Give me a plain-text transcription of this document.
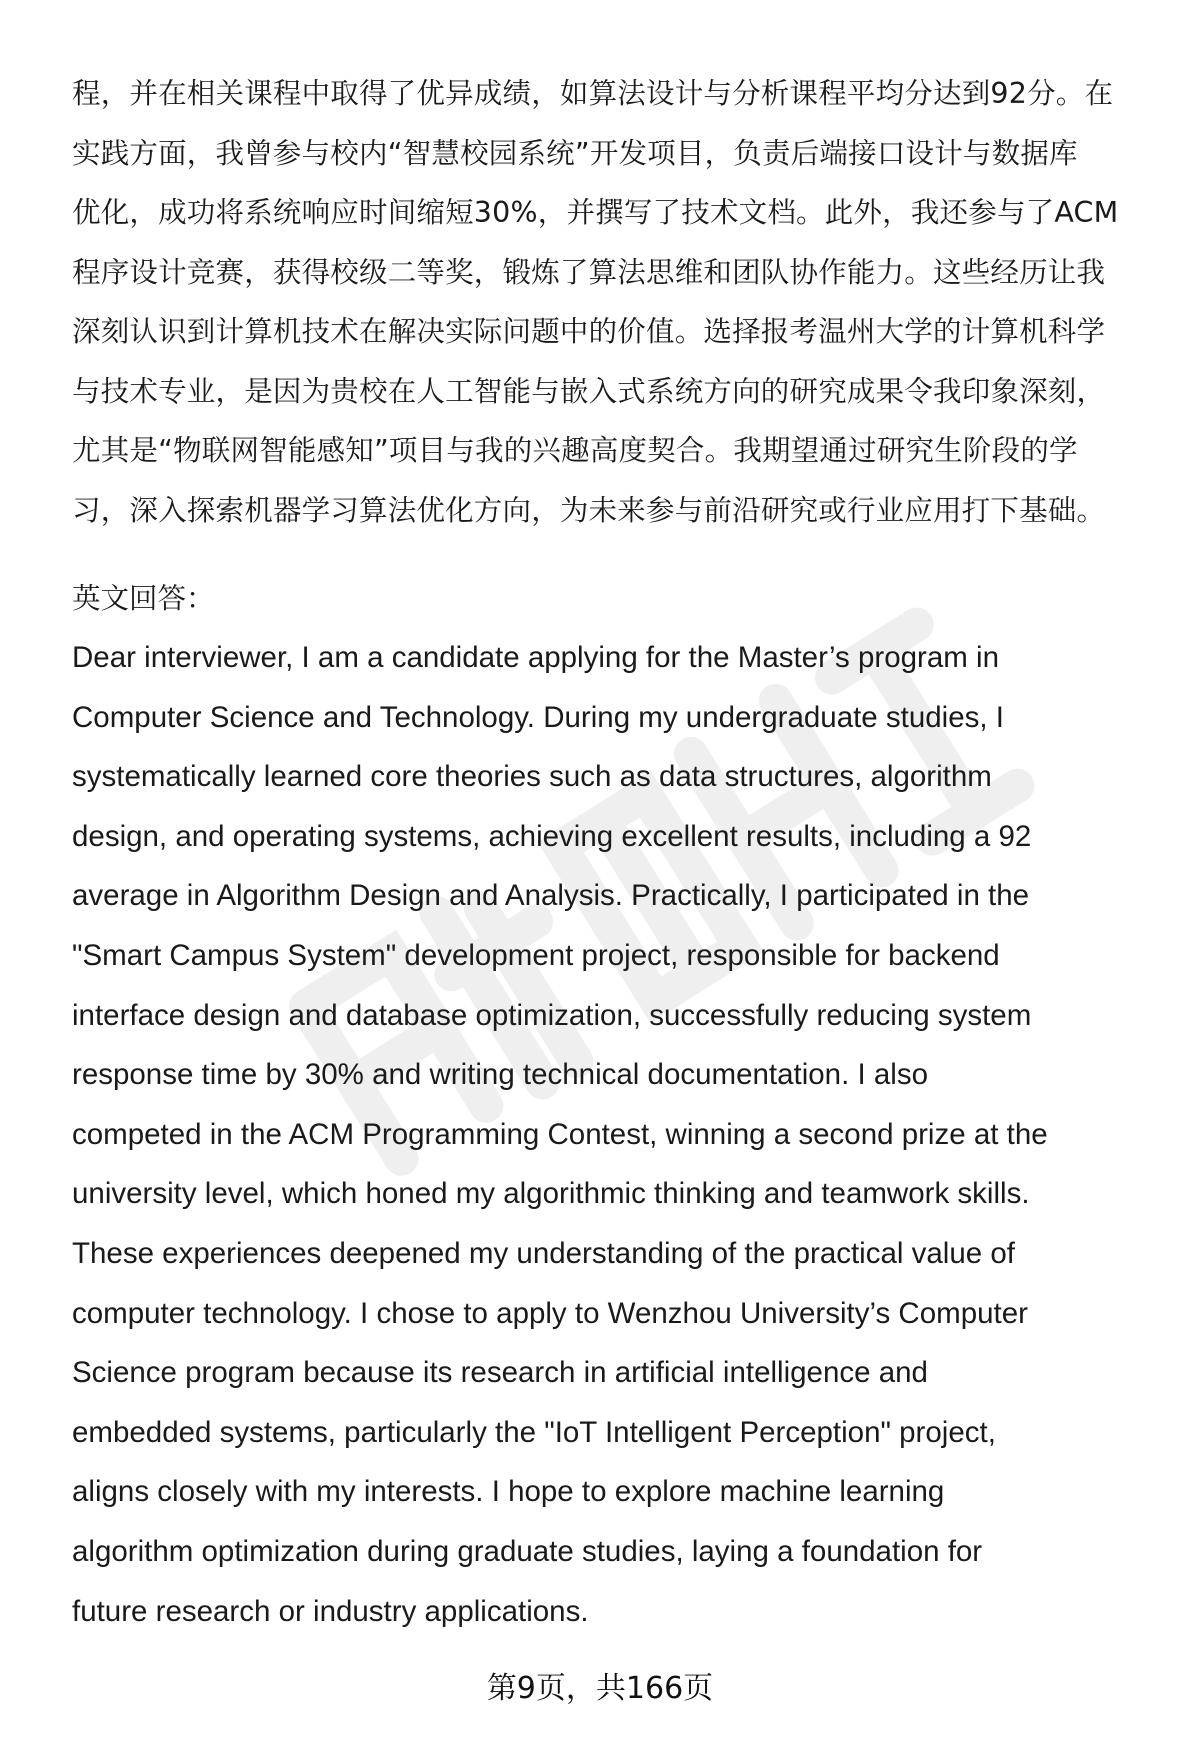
程，并在相关课程中取得了优异成绩，如算法设计与分析课程平均分达到92分。在
实践方面，我曾参与校内“智慧校园系统”开发项目，负责后端接口设计与数据库
优化，成功将系统响应时间缩短30%，并撰写了技术文档。此外，我还参与了ACM
程序设计竞赛，获得校级二等奖，锻炼了算法思维和团队协作能力。这些经历让我
深刻认识到计算机技术在解决实际问题中的价值。选择报考温州大学的计算机科学
与技术专业，是因为贵校在人工智能与嵌入式系统方向的研究成果令我印象深刻，
尤其是“物联网智能感知”项目与我的兴趣高度契合。我期望通过研究生阶段的学
习，深入探索机器学习算法优化方向，为未来参与前沿研究或行业应用打下基础。
英文回答：
Dear interviewer, I am a candidate applying for the Master’s program in
Computer Science and Technology. During my undergraduate studies, I
systematically learned core theories such as data structures, algorithm
design, and operating systems, achieving excellent results, including a 92
average in Algorithm Design and Analysis. Practically, I participated in the
"Smart Campus System" development project, responsible for backend
interface design and database optimization, successfully reducing system
response time by 30% and writing technical documentation. I also
competed in the ACM Programming Contest, winning a second prize at the
university level, which honed my algorithmic thinking and teamwork skills.
These experiences deepened my understanding of the practical value of
computer technology. I chose to apply to Wenzhou University’s Computer
Science program because its research in artificial intelligence and
embedded systems, particularly the "IoT Intelligent Perception" project,
aligns closely with my interests. I hope to explore machine learning
algorithm optimization during graduate studies, laying a foundation for
future research or industry applications.
第9页，共166页
